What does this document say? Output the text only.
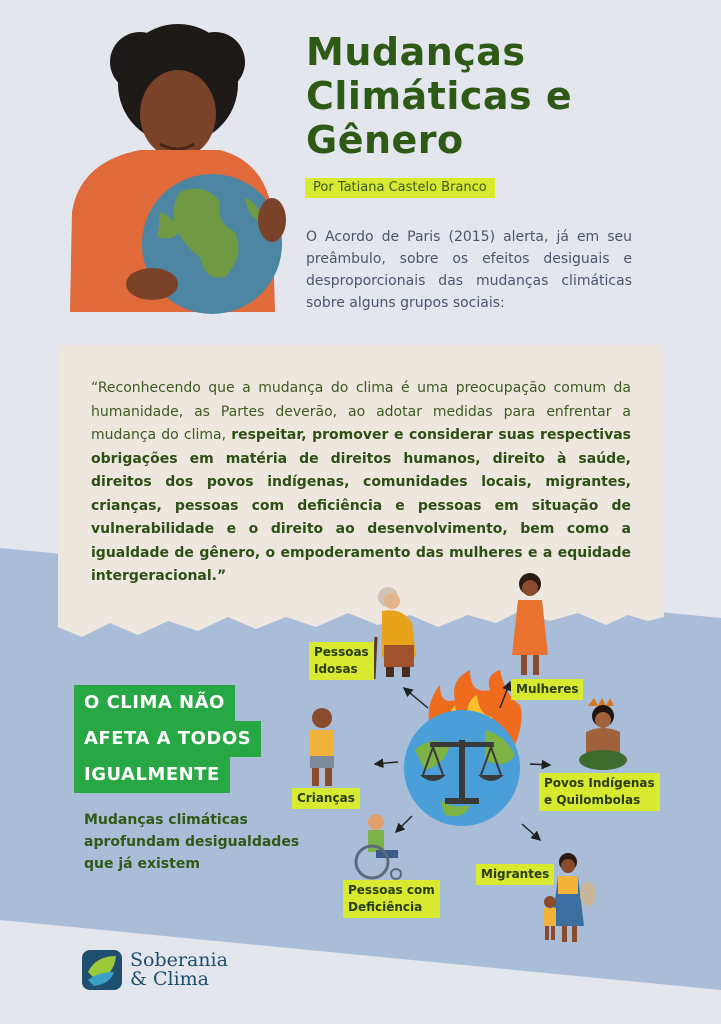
Mudanças
Climáticas e
Gênero
Por Tatiana Castelo Branco
O Acordo de Paris (2015) alerta, já em seu preâmbulo, sobre os efeitos desiguais e desproporcionais das mudanças climáticas sobre alguns grupos sociais:
“Reconhecendo que a mudança do clima é uma preocupação comum da humanidade, as Partes deverão, ao adotar medidas para enfrentar a mudança do clima, respeitar, promover e considerar suas respectivas obrigações em matéria de direitos humanos, direito à saúde, direitos dos povos indígenas, comunidades locais, migrantes, crianças, pessoas com deficiência e pessoas em situação de vulnerabilidade e o direito ao desenvolvimento, bem como a igualdade de gênero, o empoderamento das mulheres e a equidade intergeracional.”
O CLIMA NÃO
AFETA A TODOS
IGUALMENTE
Mudanças climáticas aprofundam desigualdades que já existem
Pessoas
Idosas
Mulheres
Crianças
Povos Indígenas
e Quilombolas
Pessoas com
Deficiência
Migrantes
Soberania
& Clima
